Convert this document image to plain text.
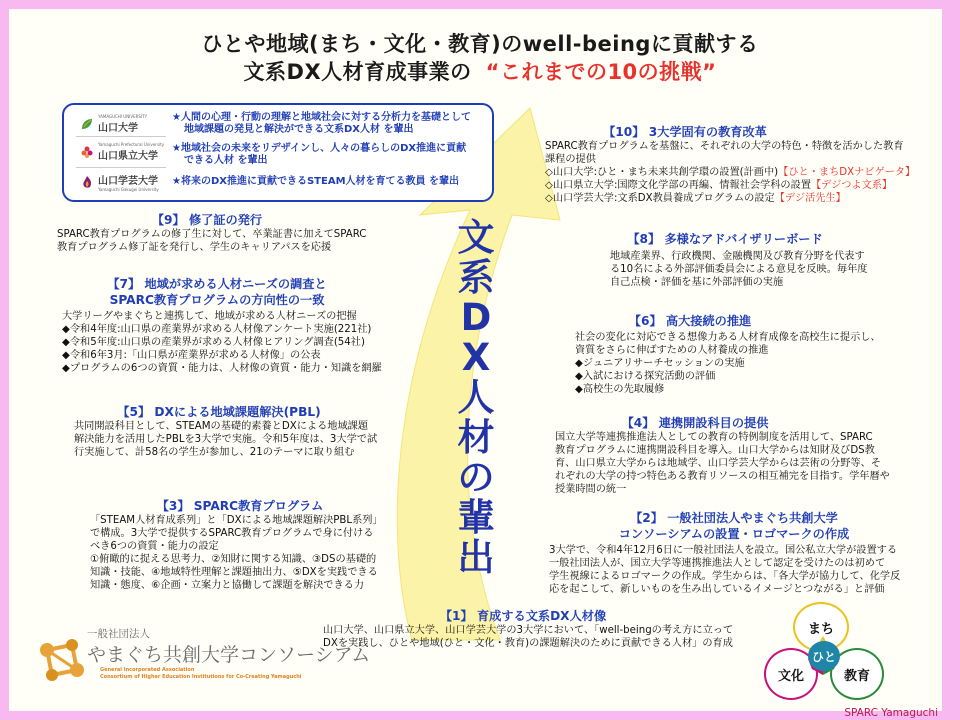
ひとや地域(まち・文化・教育)のwell-beingに貢献する
文系DX人材育成事業の “これまでの10の挑戦”
YAMAGUCHI UNIVERSITY
山口大学
Yamaguchi Prefectural University
山口県立大学
山口学芸大学
Yamaguchi Gakugei University
★人間の心理・行動の理解と地域社会に対する分析力を基礎として
地域課題の発見と解決ができる文系DX人材 を輩出
★地域社会の未来をリデザインし、人々の暮らしのDX推進に貢献
できる人材 を輩出
★将来のDX推進に貢献できるSTEAM人材を育てる教員 を輩出
文
系
D
X
人
材
の
輩
出
【9】 修了証の発行
SPARC教育プログラムの修了生に対して、卒業証書に加えてSPARC
教育プログラム修了証を発行し、学生のキャリアパスを応援
【7】 地域が求める人材ニーズの調査と
SPARC教育プログラムの方向性の一致
大学リーグやまぐちと連携して、地域が求める人材ニーズの把握
◆令和4年度:山口県の産業界が求める人材像アンケート実施(221社)
◆令和5年度:山口県の産業界が求める人材像ヒアリング調査(54社)
◆令和6年3月:「山口県が産業界が求める人材像」の公表
◆プログラムの6つの資質・能力は、人材像の資質・能力・知識を網羅
【5】 DXによる地域課題解決(PBL)
共同開設科目として、STEAMの基礎的素養とDXによる地域課題
解決能力を活用したPBLを3大学で実施。令和5年度は、3大学で試
行実施して、計58名の学生が参加し、21のテーマに取り組む
【3】 SPARC教育プログラム
「STEAM人材育成系列」と「DXによる地域課題解決PBL系列」
で構成。3大学で提供するSPARC教育プログラムで身に付ける
べき6つの資質・能力の設定
①俯瞰的に捉える思考力、②知財に関する知識、③DSの基礎的
知識・技能、④地域特性理解と課題抽出力、⑤DXを実践できる
知識・態度、⑥企画・立案力と協働して課題を解決できる力
【10】 3大学固有の教育改革
SPARC教育プログラムを基盤に、それぞれの大学の特色・特徴を活かした教育
課程の提供
◇山口大学:ひと・まち未来共創学環の設置(計画中)【ひと・まちDXナビゲータ】
◇山口県立大学:国際文化学部の再編、情報社会学科の設置【デジつよ文系】
◇山口学芸大学:文系DX教員養成プログラムの設定【デジ活先生】
【8】 多様なアドバイザリーボード
地域産業界、行政機関、金融機関及び教育分野を代表す
る10名による外部評価委員会による意見を反映。毎年度
自己点検・評価を基に外部評価の実施
【6】 高大接続の推進
社会の変化に対応できる想像力ある人材育成像を高校生に提示し、
資質をさらに伸ばすための人材養成の推進
◆ジュニアリサーチセッションの実施
◆入試における探究活動の評価
◆高校生の先取履修
【4】 連携開設科目の提供
国立大学等連携推進法人としての教育の特例制度を活用して、SPARC
教育プログラムに連携開設科目を導入。山口大学からは知財及びDS教
育、山口県立大学からは地域学、山口学芸大学からは芸術の分野等、そ
れぞれの大学の持つ特色ある教育リソースの相互補完を目指す。学年暦や
授業時間の統一
【2】 一般社団法人やまぐち共創大学
コンソーシアムの設置・ロゴマークの作成
3大学で、令和4年12月6日に一般社団法人を設立。国公私立大学が設置する
一般社団法人が、国立大学等連携推進法人として認定を受けたのは初めて
学生視線によるロゴマークの作成。学生からは、「各大学が協力して、化学反
応を起こして、新しいものを生み出しているイメージとつながる」と評価
【1】 育成する文系DX人材像
山口大学、山口県立大学、山口学芸大学の3大学において、「well-beingの考え方に立って
DXを実践し、ひとや地域(ひと・文化・教育)の課題解決のために貢献できる人材」の育成
まち
文化	教育
ひと
一般社団法人
やまぐち共創大学コンソーシアム
General Incorporated Association
Consortium of Higher Education Institutions for Co-Creating Yamaguchi
SPARC Yamaguchi
